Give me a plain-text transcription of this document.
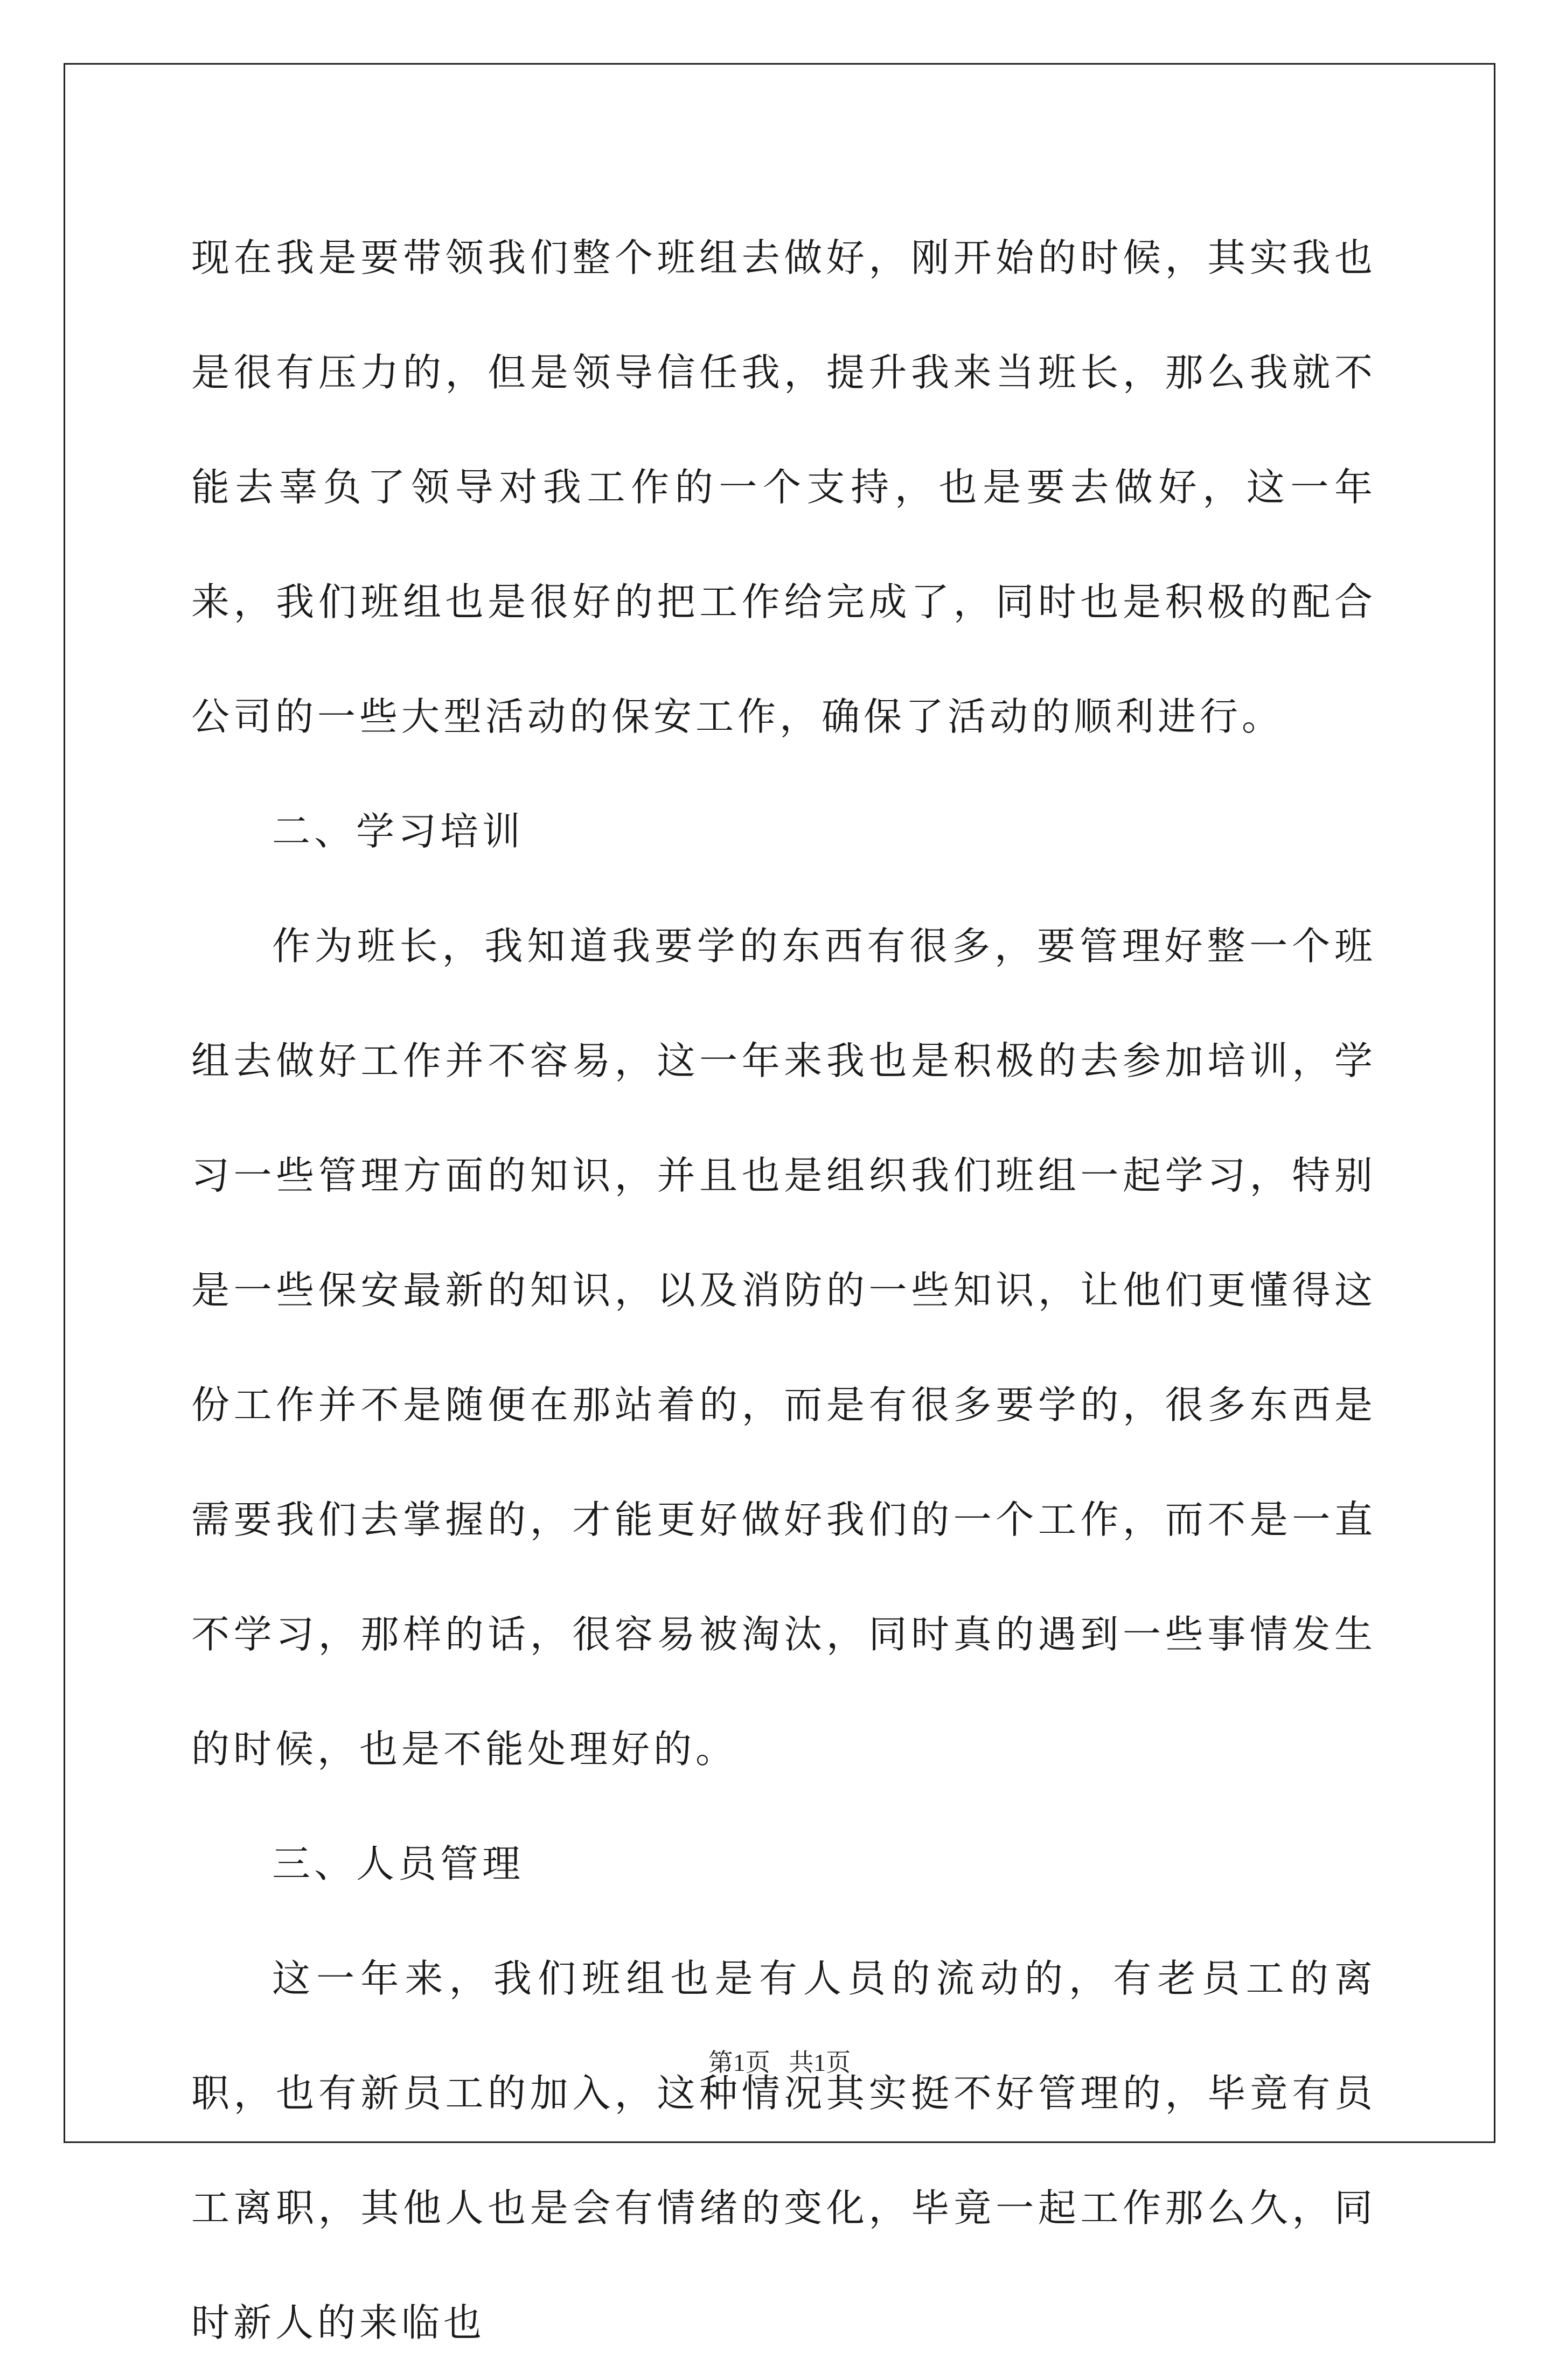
现在我是要带领我们整个班组去做好，刚开始的时候，其实我也是很有压力的，但是领导信任我，提升我来当班长，那么我就不能去辜负了领导对我工作的一个支持，也是要去做好，这一年来，我们班组也是很好的把工作给完成了，同时也是积极的配合公司的一些大型活动的保安工作，确保了活动的顺利进行。

二、学习培训

作为班长，我知道我要学的东西有很多，要管理好整一个班组去做好工作并不容易，这一年来我也是积极的去参加培训，学习一些管理方面的知识，并且也是组织我们班组一起学习，特别是一些保安最新的知识，以及消防的一些知识，让他们更懂得这份工作并不是随便在那站着的，而是有很多要学的，很多东西是需要我们去掌握的，才能更好做好我们的一个工作，而不是一直不学习，那样的话，很容易被淘汰，同时真的遇到一些事情发生的时候，也是不能处理好的。

三、人员管理

这一年来，我们班组也是有人员的流动的，有老员工的离职，也有新员工的加入，这种情况其实挺不好管理的，毕竟有员工离职，其他人也是会有情绪的变化，毕竟一起工作那么久，同时新人的来临也

第1页 共1页
